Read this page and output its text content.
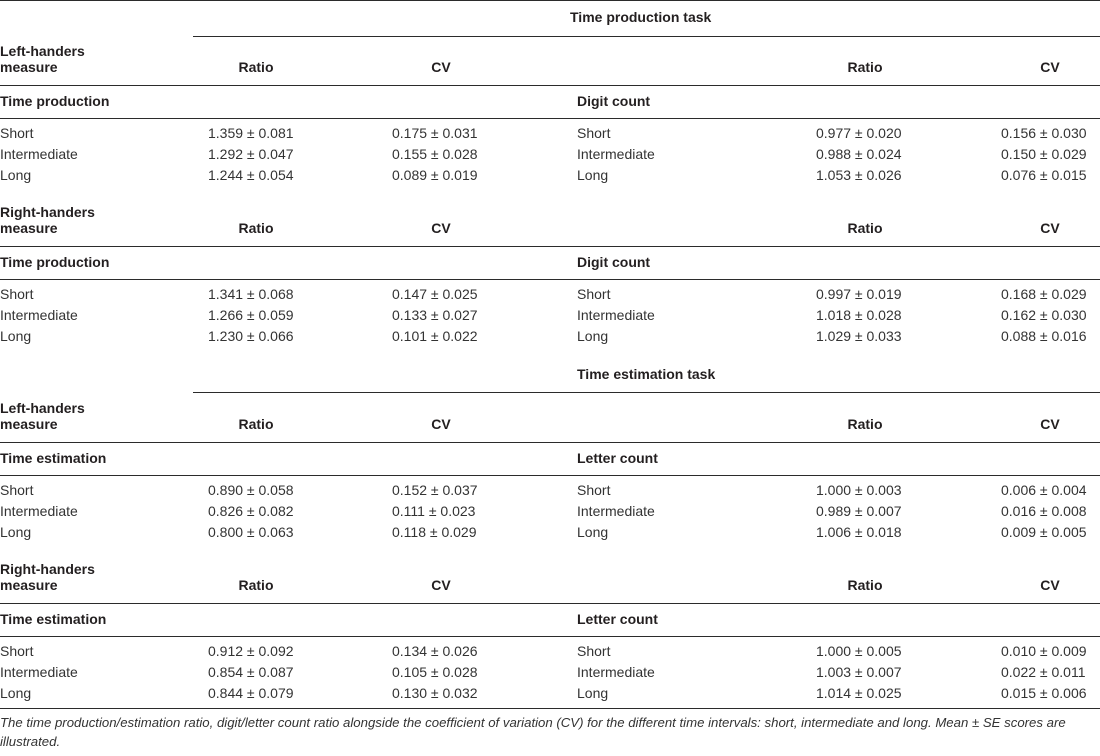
Time production task
Time estimation task
Left-handers
measure	Ratio	CV	Ratio	CV
Time production	Digit count
Short	1.359 ± 0.081	0.175 ± 0.031	Short	0.977 ± 0.020	0.156 ± 0.030
Intermediate	1.292 ± 0.047	0.155 ± 0.028	Intermediate	0.988 ± 0.024	0.150 ± 0.029
Long	1.244 ± 0.054	0.089 ± 0.019	Long	1.053 ± 0.026	0.076 ± 0.015
Right-handers
measure	Ratio	CV	Ratio	CV
Time production	Digit count
Short	1.341 ± 0.068	0.147 ± 0.025	Short	0.997 ± 0.019	0.168 ± 0.029
Intermediate	1.266 ± 0.059	0.133 ± 0.027	Intermediate	1.018 ± 0.028	0.162 ± 0.030
Long	1.230 ± 0.066	0.101 ± 0.022	Long	1.029 ± 0.033	0.088 ± 0.016
Left-handers
measure	Ratio	CV	Ratio	CV
Time estimation	Letter count
Short	0.890 ± 0.058	0.152 ± 0.037	Short	1.000 ± 0.003	0.006 ± 0.004
Intermediate	0.826 ± 0.082	0.111 ± 0.023	Intermediate	0.989 ± 0.007	0.016 ± 0.008
Long	0.800 ± 0.063	0.118 ± 0.029	Long	1.006 ± 0.018	0.009 ± 0.005
Right-handers
measure	Ratio	CV	Ratio	CV
Time estimation	Letter count
Short	0.912 ± 0.092	0.134 ± 0.026	Short	1.000 ± 0.005	0.010 ± 0.009
Intermediate	0.854 ± 0.087	0.105 ± 0.028	Intermediate	1.003 ± 0.007	0.022 ± 0.011
Long	0.844 ± 0.079	0.130 ± 0.032	Long	1.014 ± 0.025	0.015 ± 0.006
The time production/estimation ratio, digit/letter count ratio alongside the coefficient of variation (CV) for the different time intervals: short, intermediate and long. Mean ± SE scores are illustrated.
